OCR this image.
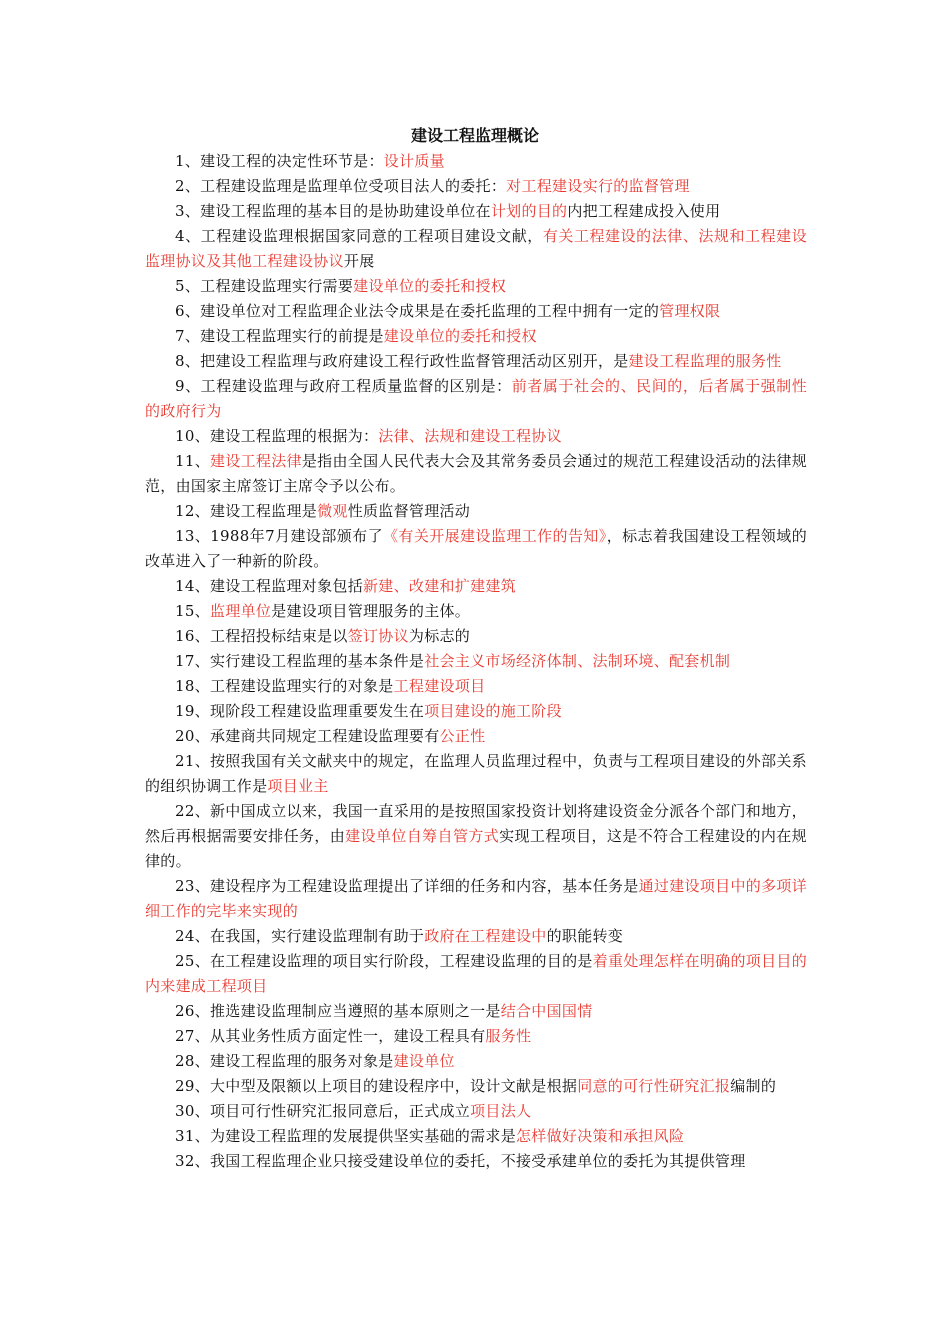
建设工程监理概论

1、建设工程的决定性环节是：设计质量

2、工程建设监理是监理单位受项目法人的委托：对工程建设实行的监督管理

3、建设工程监理的基本目的是协助建设单位在计划的目的内把工程建成投入使用

4、工程建设监理根据国家同意的工程项目建设文献，有关工程建设的法律、法规和工程建设监理协议及其他工程建设协议开展

5、工程建设监理实行需要建设单位的委托和授权

6、建设单位对工程监理企业法令成果是在委托监理的工程中拥有一定的管理权限

7、建设工程监理实行的前提是建设单位的委托和授权

8、把建设工程监理与政府建设工程行政性监督管理活动区别开，是建设工程监理的服务性

9、工程建设监理与政府工程质量监督的区别是：前者属于社会的、民间的，后者属于强制性的政府行为

10、建设工程监理的根据为：法律、法规和建设工程协议

11、建设工程法律是指由全国人民代表大会及其常务委员会通过的规范工程建设活动的法律规范，由国家主席签订主席令予以公布。

12、建设工程监理是微观性质监督管理活动

13、1988年7月建设部颁布了《有关开展建设监理工作的告知》，标志着我国建设工程领域的改革进入了一种新的阶段。

14、建设工程监理对象包括新建、改建和扩建建筑

15、监理单位是建设项目管理服务的主体。

16、工程招投标结束是以签订协议为标志的

17、实行建设工程监理的基本条件是社会主义市场经济体制、法制环境、配套机制

18、工程建设监理实行的对象是工程建设项目

19、现阶段工程建设监理重要发生在项目建设的施工阶段

20、承建商共同规定工程建设监理要有公正性

21、按照我国有关文献夹中的规定，在监理人员监理过程中，负责与工程项目建设的外部关系的组织协调工作是项目业主

22、新中国成立以来，我国一直采用的是按照国家投资计划将建设资金分派各个部门和地方，然后再根据需要安排任务，由建设单位自筹自管方式实现工程项目，这是不符合工程建设的内在规律的。

23、建设程序为工程建设监理提出了详细的任务和内容，基本任务是通过建设项目中的多项详细工作的完毕来实现的

24、在我国，实行建设监理制有助于政府在工程建设中的职能转变

25、在工程建设监理的项目实行阶段，工程建设监理的目的是着重处理怎样在明确的项目目的内来建成工程项目

26、推选建设监理制应当遵照的基本原则之一是结合中国国情

27、从其业务性质方面定性一，建设工程具有服务性

28、建设工程监理的服务对象是建设单位

29、大中型及限额以上项目的建设程序中，设计文献是根据同意的可行性研究汇报编制的

30、项目可行性研究汇报同意后，正式成立项目法人

31、为建设工程监理的发展提供坚实基础的需求是怎样做好决策和承担风险

32、我国工程监理企业只接受建设单位的委托，不接受承建单位的委托为其提供管理
